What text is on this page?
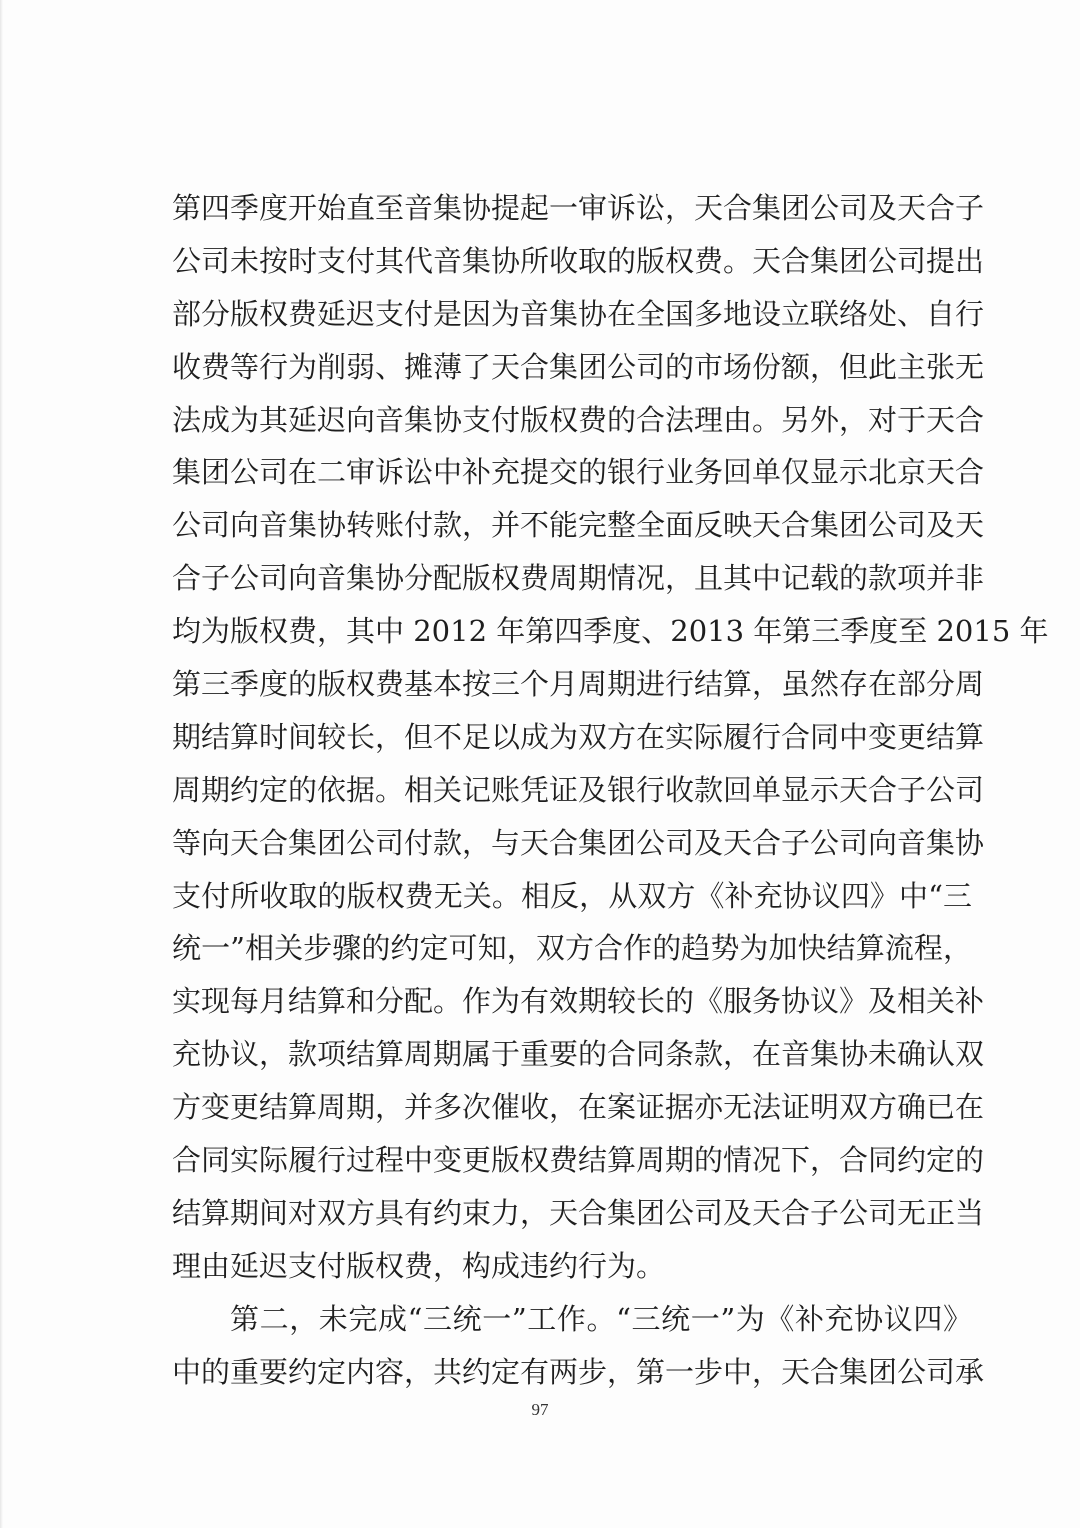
第四季度开始直至音集协提起一审诉讼，天合集团公司及天合子
公司未按时支付其代音集协所收取的版权费。天合集团公司提出
部分版权费延迟支付是因为音集协在全国多地设立联络处、自行
收费等行为削弱、摊薄了天合集团公司的市场份额，但此主张无
法成为其延迟向音集协支付版权费的合法理由。另外，对于天合
集团公司在二审诉讼中补充提交的银行业务回单仅显示北京天合
公司向音集协转账付款，并不能完整全面反映天合集团公司及天
合子公司向音集协分配版权费周期情况，且其中记载的款项并非
均为版权费，其中 2012 年第四季度、2013 年第三季度至 2015 年
第三季度的版权费基本按三个月周期进行结算，虽然存在部分周
期结算时间较长，但不足以成为双方在实际履行合同中变更结算
周期约定的依据。相关记账凭证及银行收款回单显示天合子公司
等向天合集团公司付款，与天合集团公司及天合子公司向音集协
支付所收取的版权费无关。相反，从双方《补充协议四》中“三
统一”相关步骤的约定可知，双方合作的趋势为加快结算流程，
实现每月结算和分配。作为有效期较长的《服务协议》及相关补
充协议，款项结算周期属于重要的合同条款，在音集协未确认双
方变更结算周期，并多次催收，在案证据亦无法证明双方确已在
合同实际履行过程中变更版权费结算周期的情况下，合同约定的
结算期间对双方具有约束力，天合集团公司及天合子公司无正当
理由延迟支付版权费，构成违约行为。
第二，未完成“三统一”工作。“三统一”为《补充协议四》
中的重要约定内容，共约定有两步，第一步中，天合集团公司承
97
